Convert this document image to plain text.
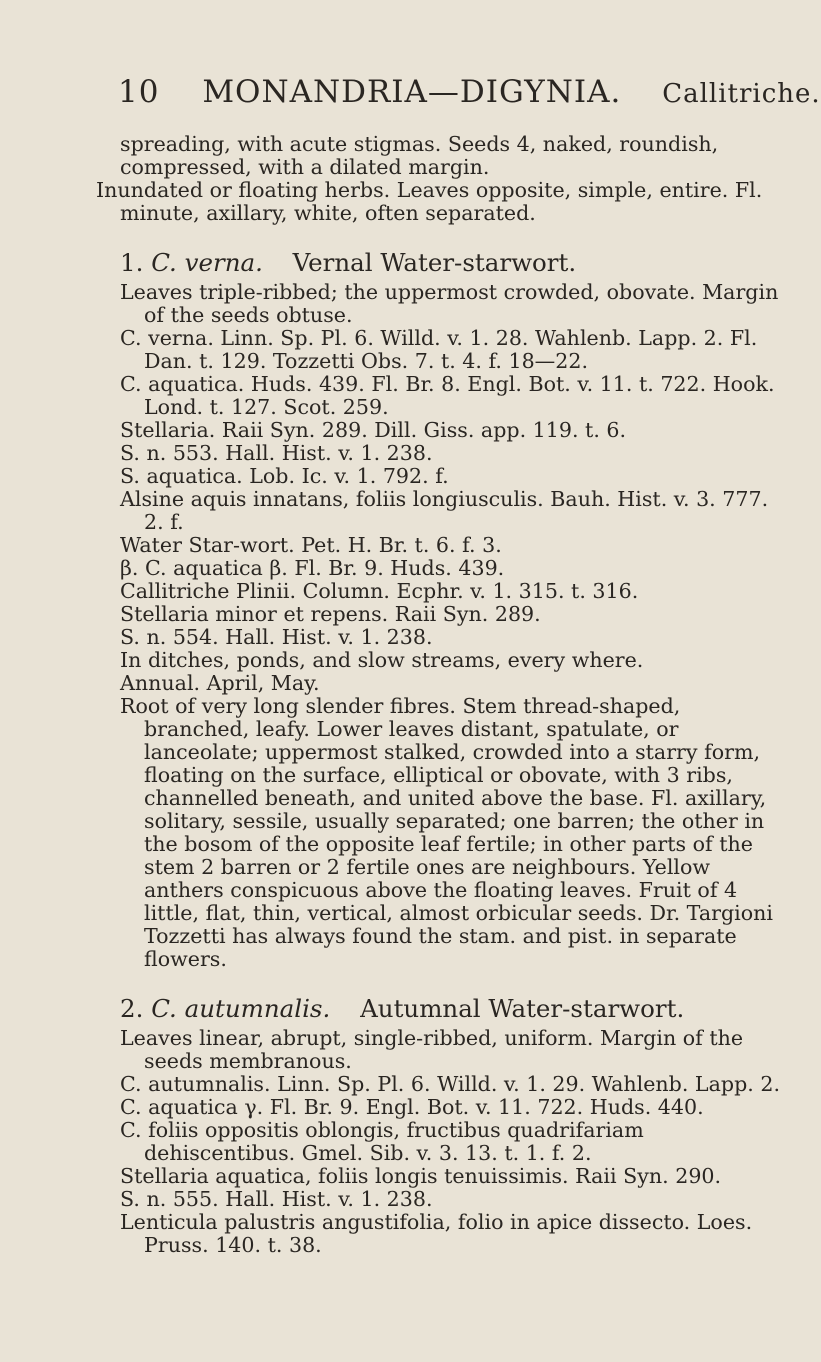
10 MONANDRIA—DIGYNIA. Callitriche.

spreading, with acute stigmas. Seeds 4, naked, roundish, compressed, with a dilated margin.

Inundated or floating herbs. Leaves opposite, simple, entire. Fl. minute, axillary, white, often separated.

1. C. verna. Vernal Water-starwort.

Leaves triple-ribbed; the uppermost crowded, obovate. Margin of the seeds obtuse.

C. verna. Linn. Sp. Pl. 6. Willd. v. 1. 28. Wahlenb. Lapp. 2. Fl. Dan. t. 129. Tozzetti Obs. 7. t. 4. f. 18—22.

C. aquatica. Huds. 439. Fl. Br. 8. Engl. Bot. v. 11. t. 722. Hook. Lond. t. 127. Scot. 259.

Stellaria. Raii Syn. 289. Dill. Giss. app. 119. t. 6.

S. n. 553. Hall. Hist. v. 1. 238.

S. aquatica. Lob. Ic. v. 1. 792. f.

Alsine aquis innatans, foliis longiusculis. Bauh. Hist. v. 3. 777. 2. f.

Water Star-wort. Pet. H. Br. t. 6. f. 3.

β. C. aquatica β. Fl. Br. 9. Huds. 439.

Callitriche Plinii. Column. Ecphr. v. 1. 315. t. 316.

Stellaria minor et repens. Raii Syn. 289.

S. n. 554. Hall. Hist. v. 1. 238.

In ditches, ponds, and slow streams, every where.

Annual. April, May.

Root of very long slender fibres. Stem thread-shaped, branched, leafy. Lower leaves distant, spatulate, or lanceolate; uppermost stalked, crowded into a starry form, floating on the surface, elliptical or obovate, with 3 ribs, channelled beneath, and united above the base. Fl. axillary, solitary, sessile, usually separated; one barren; the other in the bosom of the opposite leaf fertile; in other parts of the stem 2 barren or 2 fertile ones are neighbours. Yellow anthers conspicuous above the floating leaves. Fruit of 4 little, flat, thin, vertical, almost orbicular seeds. Dr. Targioni Tozzetti has always found the stam. and pist. in separate flowers.

2. C. autumnalis. Autumnal Water-starwort.

Leaves linear, abrupt, single-ribbed, uniform. Margin of the seeds membranous.

C. autumnalis. Linn. Sp. Pl. 6. Willd. v. 1. 29. Wahlenb. Lapp. 2.

C. aquatica γ. Fl. Br. 9. Engl. Bot. v. 11. 722. Huds. 440.

C. foliis oppositis oblongis, fructibus quadrifariam dehiscentibus. Gmel. Sib. v. 3. 13. t. 1. f. 2.

Stellaria aquatica, foliis longis tenuissimis. Raii Syn. 290.

S. n. 555. Hall. Hist. v. 1. 238.

Lenticula palustris angustifolia, folio in apice dissecto. Loes. Pruss. 140. t. 38.
